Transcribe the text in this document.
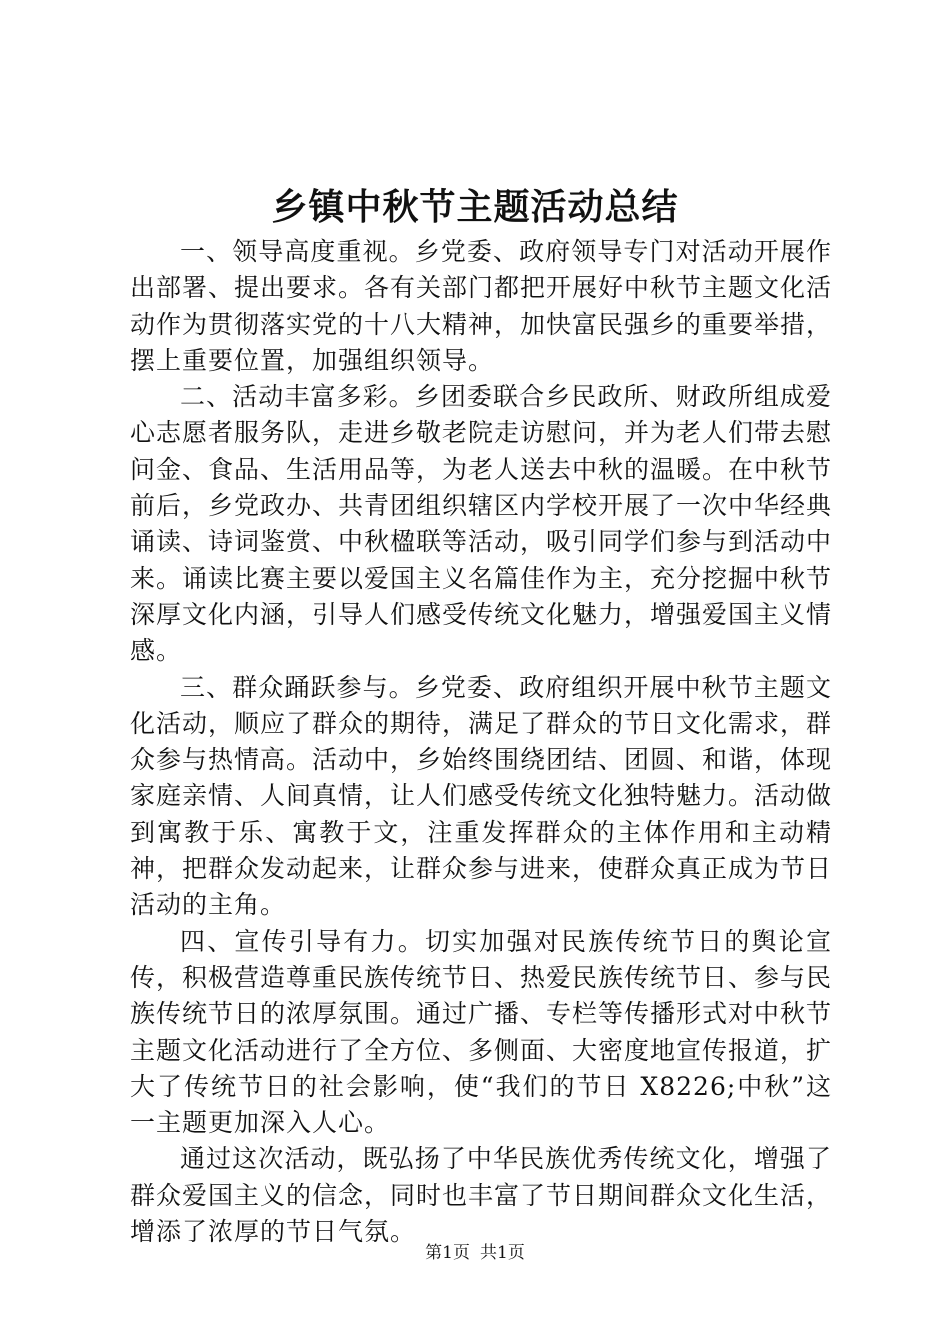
乡镇中秋节主题活动总结

一、领导高度重视。乡党委、政府领导专门对活动开展作出部署、提出要求。各有关部门都把开展好中秋节主题文化活动作为贯彻落实党的十八大精神，加快富民强乡的重要举措，摆上重要位置，加强组织领导。

二、活动丰富多彩。乡团委联合乡民政所、财政所组成爱心志愿者服务队，走进乡敬老院走访慰问，并为老人们带去慰问金、食品、生活用品等，为老人送去中秋的温暖。在中秋节前后，乡党政办、共青团组织辖区内学校开展了一次中华经典诵读、诗词鉴赏、中秋楹联等活动，吸引同学们参与到活动中来。诵读比赛主要以爱国主义名篇佳作为主，充分挖掘中秋节深厚文化内涵，引导人们感受传统文化魅力，增强爱国主义情感。

三、群众踊跃参与。乡党委、政府组织开展中秋节主题文化活动，顺应了群众的期待，满足了群众的节日文化需求，群众参与热情高。活动中，乡始终围绕团结、团圆、和谐，体现家庭亲情、人间真情，让人们感受传统文化独特魅力。活动做到寓教于乐、寓教于文，注重发挥群众的主体作用和主动精神，把群众发动起来，让群众参与进来，使群众真正成为节日活动的主角。

四、宣传引导有力。切实加强对民族传统节日的舆论宣传，积极营造尊重民族传统节日、热爱民族传统节日、参与民族传统节日的浓厚氛围。通过广播、专栏等传播形式对中秋节主题文化活动进行了全方位、多侧面、大密度地宣传报道，扩大了传统节日的社会影响，使“我们的节日 X8226;中秋”这一主题更加深入人心。

通过这次活动，既弘扬了中华民族优秀传统文化，增强了群众爱国主义的信念，同时也丰富了节日期间群众文化生活，增添了浓厚的节日气氛。

第1页 共1页
